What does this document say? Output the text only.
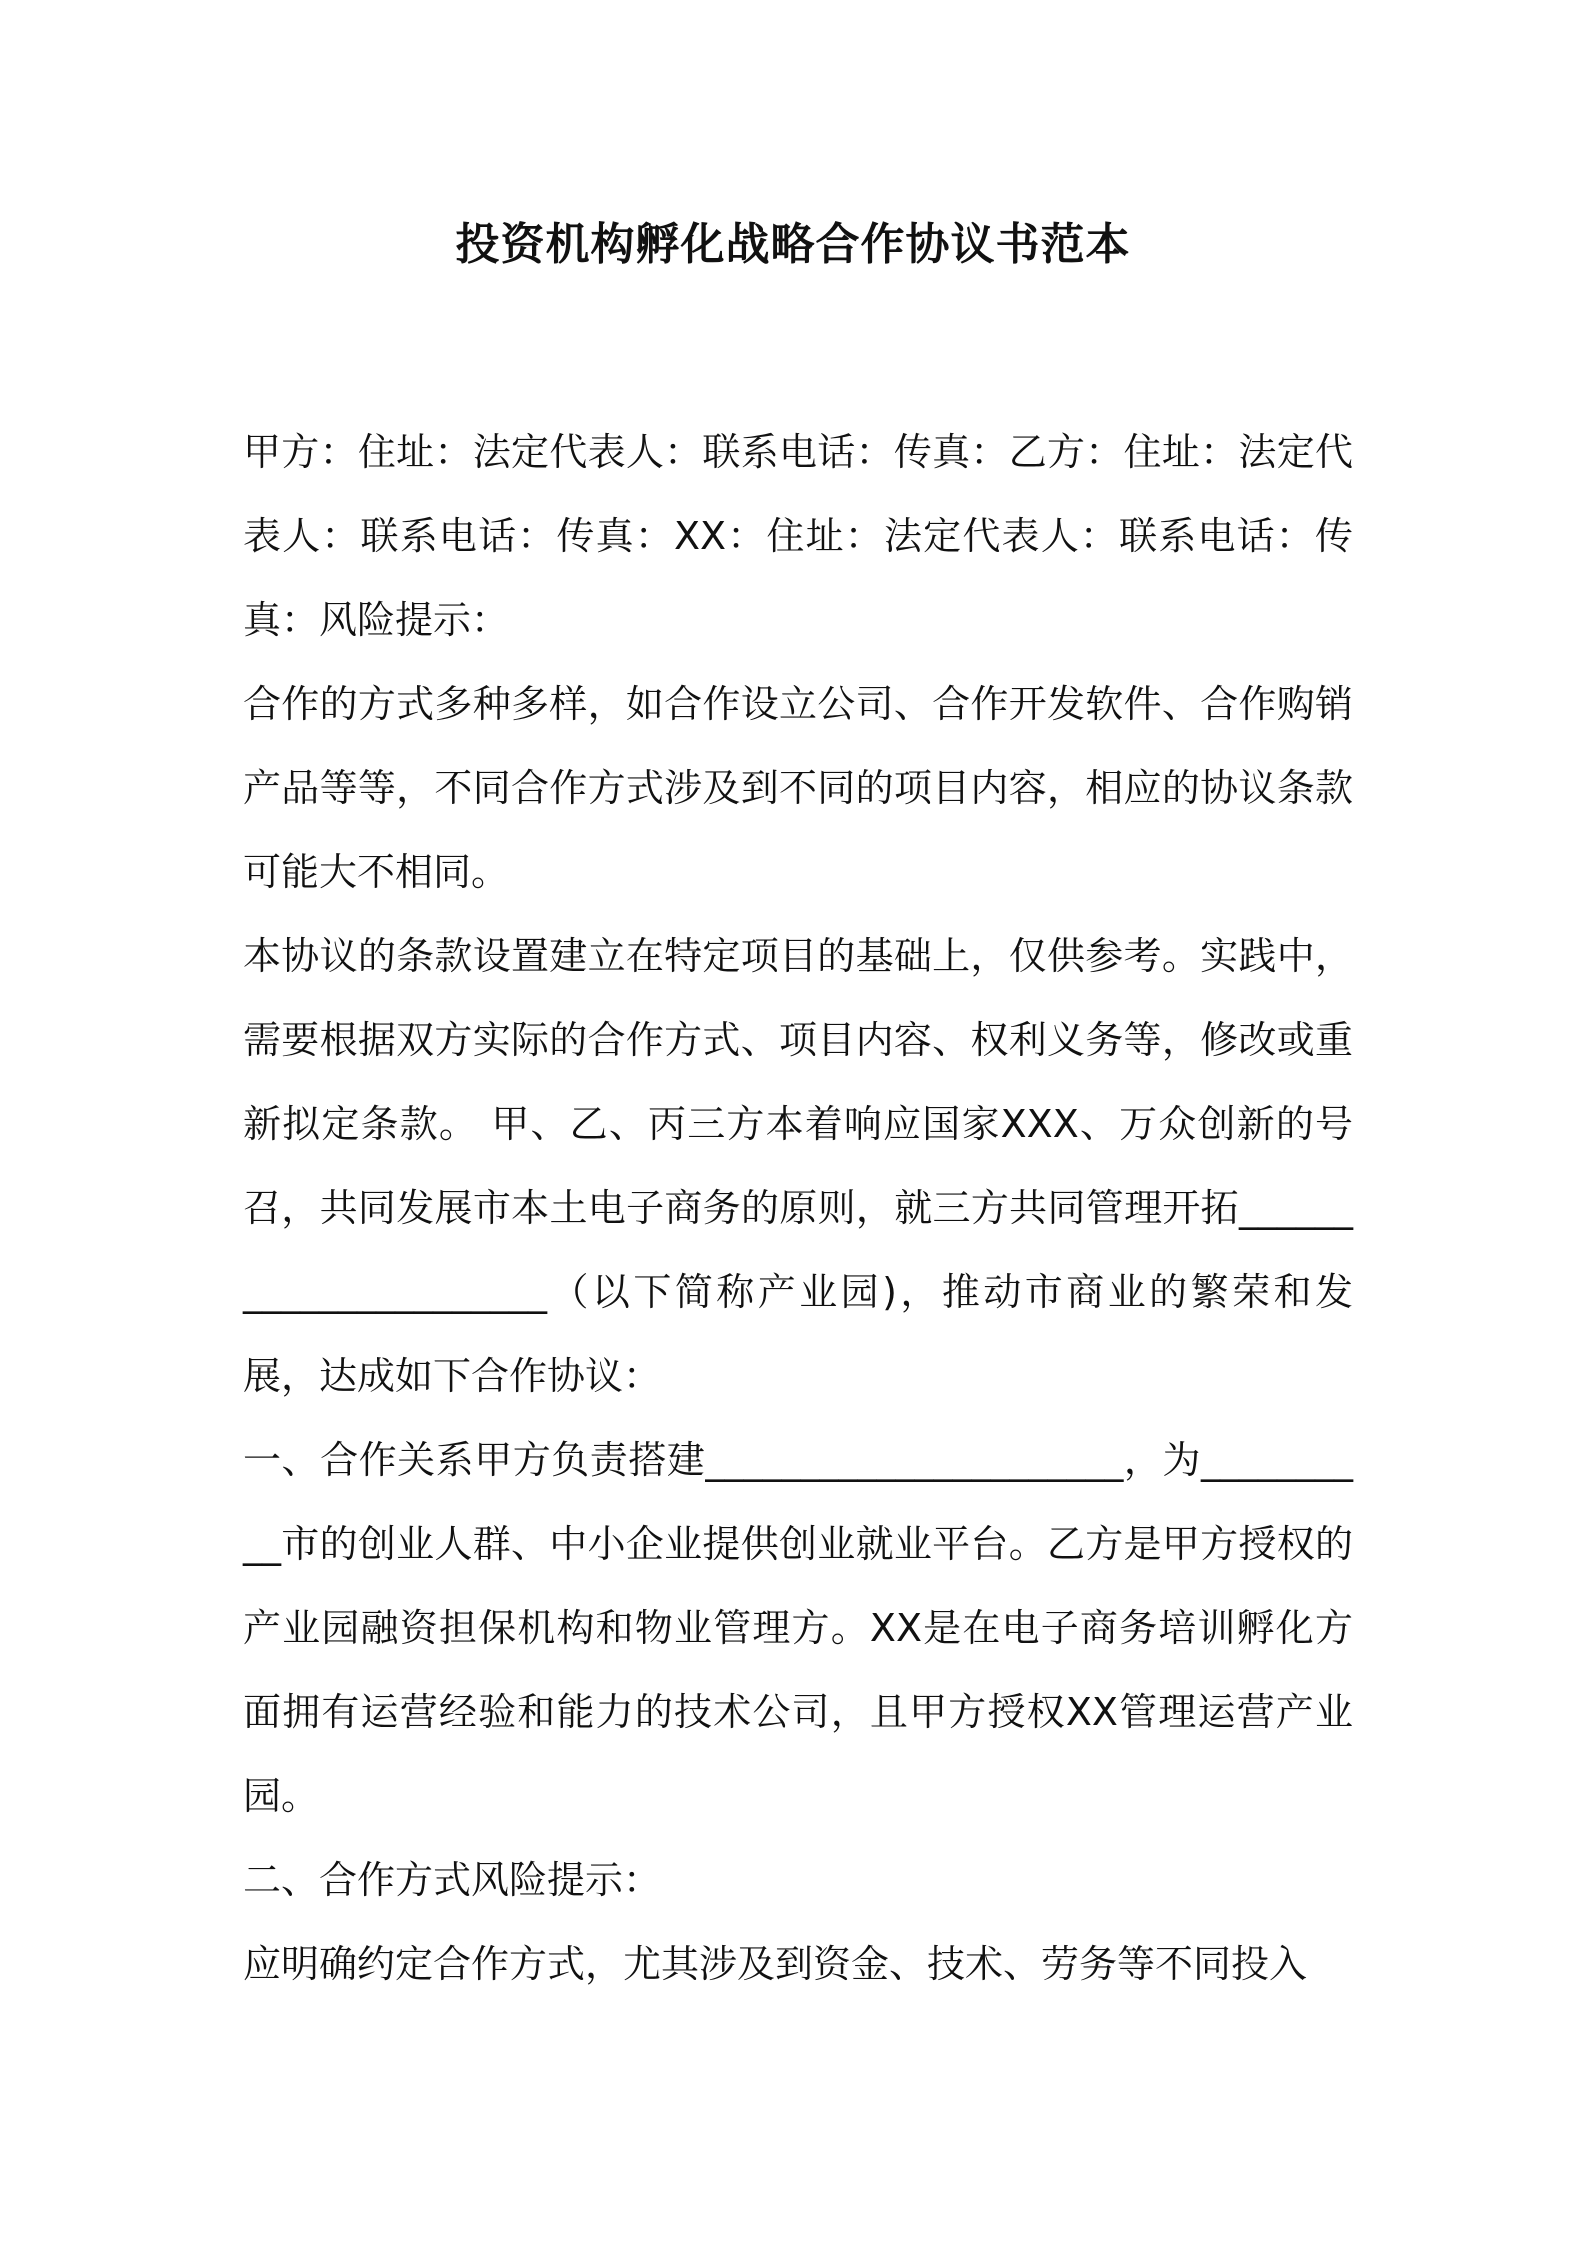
投资机构孵化战略合作协议书范本

甲方：住址：法定代表人：联系电话：传真：乙方：住址：法定代表人：联系电话：传真：XX：住址：法定代表人：联系电话：传真：风险提示：

合作的方式多种多样，如合作设立公司、合作开发软件、合作购销产品等等，不同合作方式涉及到不同的项目内容，相应的协议条款可能大不相同。

本协议的条款设置建立在特定项目的基础上，仅供参考。实践中，需要根据双方实际的合作方式、项目内容、权利义务等，修改或重新拟定条款。 甲、乙、丙三方本着响应国家XXX、万众创新的号召，共同发展市本土电子商务的原则，就三方共同管理开拓______________________（以下简称产业园)，推动市商业的繁荣和发展，达成如下合作协议：

一、合作关系甲方负责搭建______________________，为__________市的创业人群、中小企业提供创业就业平台。乙方是甲方授权的产业园融资担保机构和物业管理方。XX是在电子商务培训孵化方面拥有运营经验和能力的技术公司，且甲方授权XX管理运营产业园。

二、合作方式风险提示：

应明确约定合作方式，尤其涉及到资金、技术、劳务等不同投入
